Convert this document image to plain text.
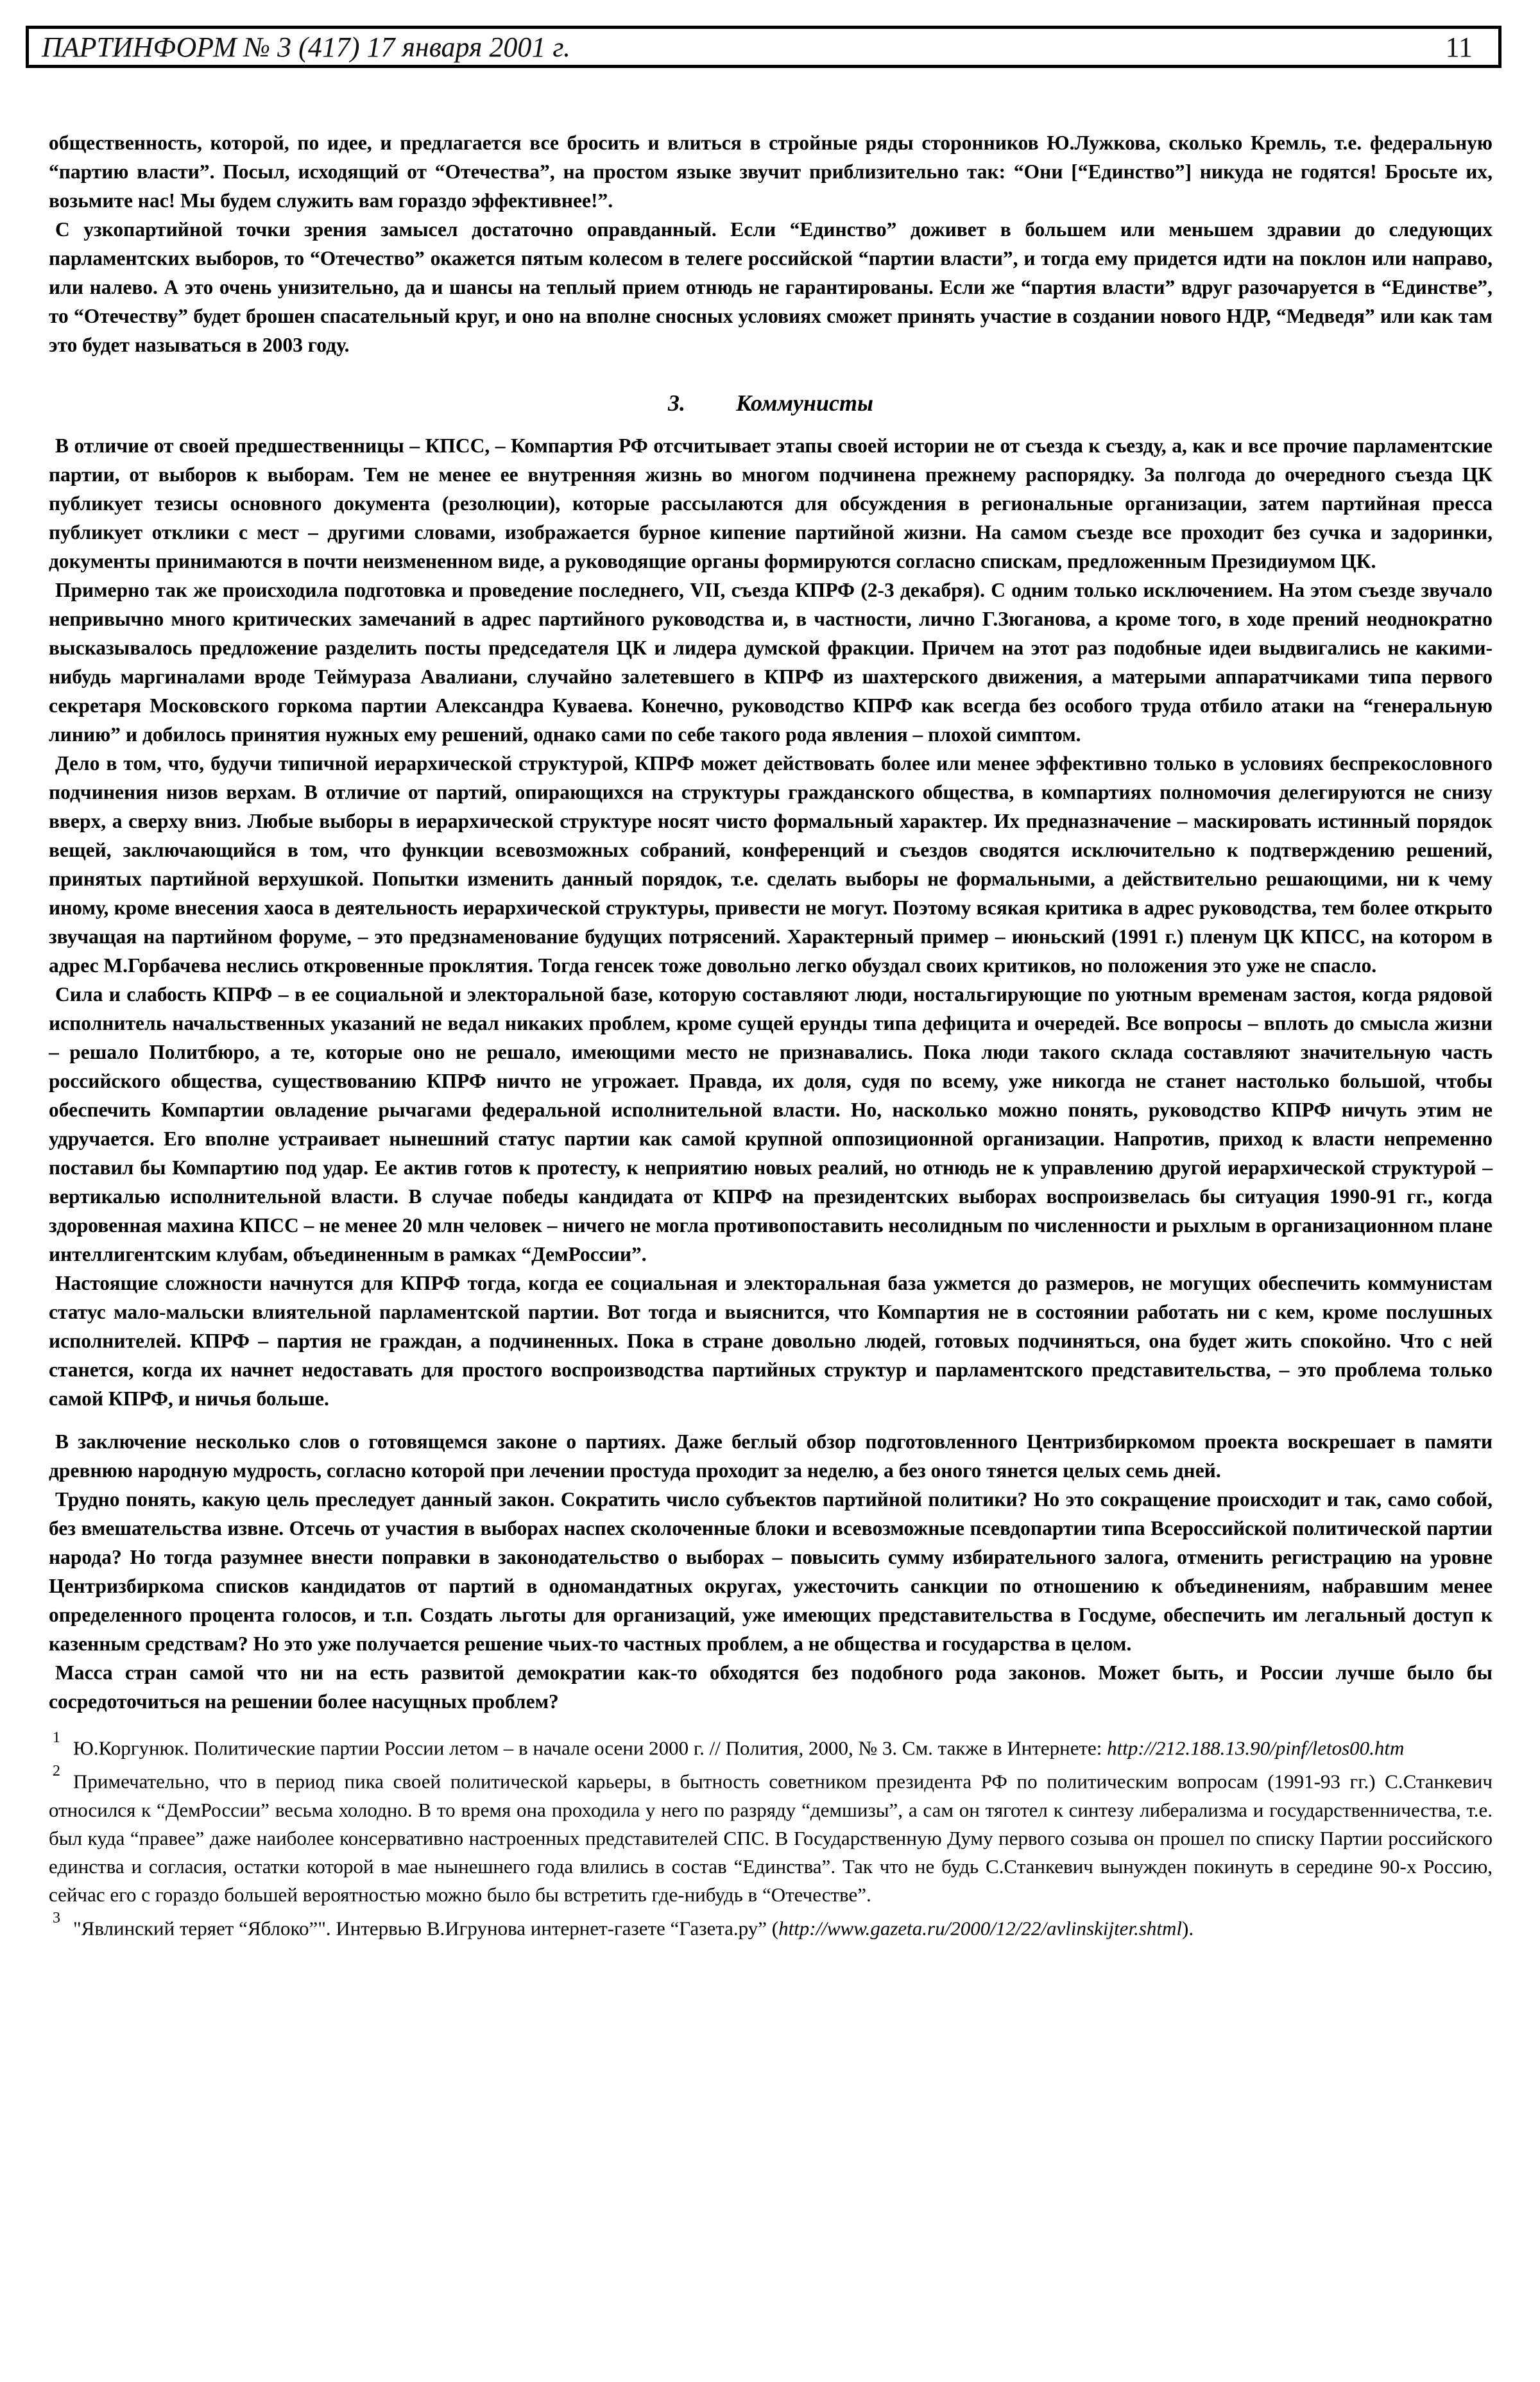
ПАРТИНФОРМ № 3 (417) 17 января 2001 г.	11

общественность, которой, по идее, и предлагается все бросить и влиться в стройные ряды сторонников Ю.Лужкова, сколько Кремль, т.е. федеральную “партию власти”. Посыл, исходящий от “Отечества”, на простом языке звучит приблизительно так: “Они [“Единство”] никуда не годятся! Бросьте их, возьмите нас! Мы будем служить вам гораздо эффективнее!”.

С узкопартийной точки зрения замысел достаточно оправданный. Если “Единство” доживет в большем или меньшем здравии до следующих парламентских выборов, то “Отечество” окажется пятым колесом в телеге российской “партии власти”, и тогда ему придется идти на поклон или направо, или налево. А это очень унизительно, да и шансы на теплый прием отнюдь не гарантированы. Если же “партия власти” вдруг разочаруется в “Единстве”, то “Отечеству” будет брошен спасательный круг, и оно на вполне сносных условиях сможет принять участие в создании нового НДР, “Медведя” или как там это будет называться в 2003 году.

3. Коммунисты

В отличие от своей предшественницы – КПСС, – Компартия РФ отсчитывает этапы своей истории не от съезда к съезду, а, как и все прочие парламентские партии, от выборов к выборам. Тем не менее ее внутренняя жизнь во многом подчинена прежнему распорядку. За полгода до очередного съезда ЦК публикует тезисы основного документа (резолюции), которые рассылаются для обсуждения в региональные организации, затем партийная пресса публикует отклики с мест – другими словами, изображается бурное кипение партийной жизни. На самом съезде все проходит без сучка и задоринки, документы принимаются в почти неизмененном виде, а руководящие органы формируются согласно спискам, предложенным Президиумом ЦК.

Примерно так же происходила подготовка и проведение последнего, VII, съезда КПРФ (2-3 декабря). С одним только исключением. На этом съезде звучало непривычно много критических замечаний в адрес партийного руководства и, в частности, лично Г.Зюганова, а кроме того, в ходе прений неоднократно высказывалось предложение разделить посты председателя ЦК и лидера думской фракции. Причем на этот раз подобные идеи выдвигались не какими-нибудь маргиналами вроде Теймураза Авалиани, случайно залетевшего в КПРФ из шахтерского движения, а матерыми аппаратчиками типа первого секретаря Московского горкома партии Александра Куваева. Конечно, руководство КПРФ как всегда без особого труда отбило атаки на “генеральную линию” и добилось принятия нужных ему решений, однако сами по себе такого рода явления – плохой симптом.

Дело в том, что, будучи типичной иерархической структурой, КПРФ может действовать более или менее эффективно только в условиях беспрекословного подчинения низов верхам. В отличие от партий, опирающихся на структуры гражданского общества, в компартиях полномочия делегируются не снизу вверх, а сверху вниз. Любые выборы в иерархической структуре носят чисто формальный характер. Их предназначение – маскировать истинный порядок вещей, заключающийся в том, что функции всевозможных собраний, конференций и съездов сводятся исключительно к подтверждению решений, принятых партийной верхушкой. Попытки изменить данный порядок, т.е. сделать выборы не формальными, а действительно решающими, ни к чему иному, кроме внесения хаоса в деятельность иерархической структуры, привести не могут. Поэтому всякая критика в адрес руководства, тем более открыто звучащая на партийном форуме, – это предзнаменование будущих потрясений. Характерный пример – июньский (1991 г.) пленум ЦК КПСС, на котором в адрес М.Горбачева неслись откровенные проклятия. Тогда генсек тоже довольно легко обуздал своих критиков, но положения это уже не спасло.

Сила и слабость КПРФ – в ее социальной и электоральной базе, которую составляют люди, ностальгирующие по уютным временам застоя, когда рядовой исполнитель начальственных указаний не ведал никаких проблем, кроме сущей ерунды типа дефицита и очередей. Все вопросы – вплоть до смысла жизни – решало Политбюро, а те, которые оно не решало, имеющими место не признавались. Пока люди такого склада составляют значительную часть российского общества, существованию КПРФ ничто не угрожает. Правда, их доля, судя по всему, уже никогда не станет настолько большой, чтобы обеспечить Компартии овладение рычагами федеральной исполнительной власти. Но, насколько можно понять, руководство КПРФ ничуть этим не удручается. Его вполне устраивает нынешний статус партии как самой крупной оппозиционной организации. Напротив, приход к власти непременно поставил бы Компартию под удар. Ее актив готов к протесту, к неприятию новых реалий, но отнюдь не к управлению другой иерархической структурой – вертикалью исполнительной власти. В случае победы кандидата от КПРФ на президентских выборах воспроизвелась бы ситуация 1990-91 гг., когда здоровенная махина КПСС – не менее 20 млн человек – ничего не могла противопоставить несолидным по численности и рыхлым в организационном плане интеллигентским клубам, объединенным в рамках “ДемРоссии”.

Настоящие сложности начнутся для КПРФ тогда, когда ее социальная и электоральная база ужмется до размеров, не могущих обеспечить коммунистам статус мало-мальски влиятельной парламентской партии. Вот тогда и выяснится, что Компартия не в состоянии работать ни с кем, кроме послушных исполнителей. КПРФ – партия не граждан, а подчиненных. Пока в стране довольно людей, готовых подчиняться, она будет жить спокойно. Что с ней станется, когда их начнет недоставать для простого воспроизводства партийных структур и парламентского представительства, – это проблема только самой КПРФ, и ничья больше.

В заключение несколько слов о готовящемся законе о партиях. Даже беглый обзор подготовленного Центризбиркомом проекта воскрешает в памяти древнюю народную мудрость, согласно которой при лечении простуда проходит за неделю, а без оного тянется целых семь дней.

Трудно понять, какую цель преследует данный закон. Сократить число субъектов партийной политики? Но это сокращение происходит и так, само собой, без вмешательства извне. Отсечь от участия в выборах наспех сколоченные блоки и всевозможные псевдопартии типа Всероссийской политической партии народа? Но тогда разумнее внести поправки в законодательство о выборах – повысить сумму избирательного залога, отменить регистрацию на уровне Центризбиркома списков кандидатов от партий в одномандатных округах, ужесточить санкции по отношению к объединениям, набравшим менее определенного процента голосов, и т.п. Создать льготы для организаций, уже имеющих представительства в Госдуме, обеспечить им легальный доступ к казенным средствам? Но это уже получается решение чьих-то частных проблем, а не общества и государства в целом.

Масса стран самой что ни на есть развитой демократии как-то обходятся без подобного рода законов. Может быть, и России лучше было бы сосредоточиться на решении более насущных проблем?

$^1$ Ю.Коргунюк. Политические партии России летом – в начале осени 2000 г. // Полития, 2000, № 3. См. также в Интернете: http://212.188.13.90/pinf/letos00.htm

$^2$ Примечательно, что в период пика своей политической карьеры, в бытность советником президента РФ по политическим вопросам (1991-93 гг.) С.Станкевич относился к “ДемРоссии” весьма холодно. В то время она проходила у него по разряду “демшизы”, а сам он тяготел к синтезу либерализма и государственничества, т.е. был куда “правее” даже наиболее консервативно настроенных представителей СПС. В Государственную Думу первого созыва он прошел по списку Партии российского единства и согласия, остатки которой в мае нынешнего года влились в состав “Единства”. Так что не будь С.Станкевич вынужден покинуть в середине 90-х Россию, сейчас его с гораздо большей вероятностью можно было бы встретить где-нибудь в “Отечестве”.

$^3$ "Явлинский теряет “Яблоко”". Интервью В.Игрунова интернет-газете “Газета.ру” (http://www.gazeta.ru/2000/12/22/avlinskijter.shtml).
